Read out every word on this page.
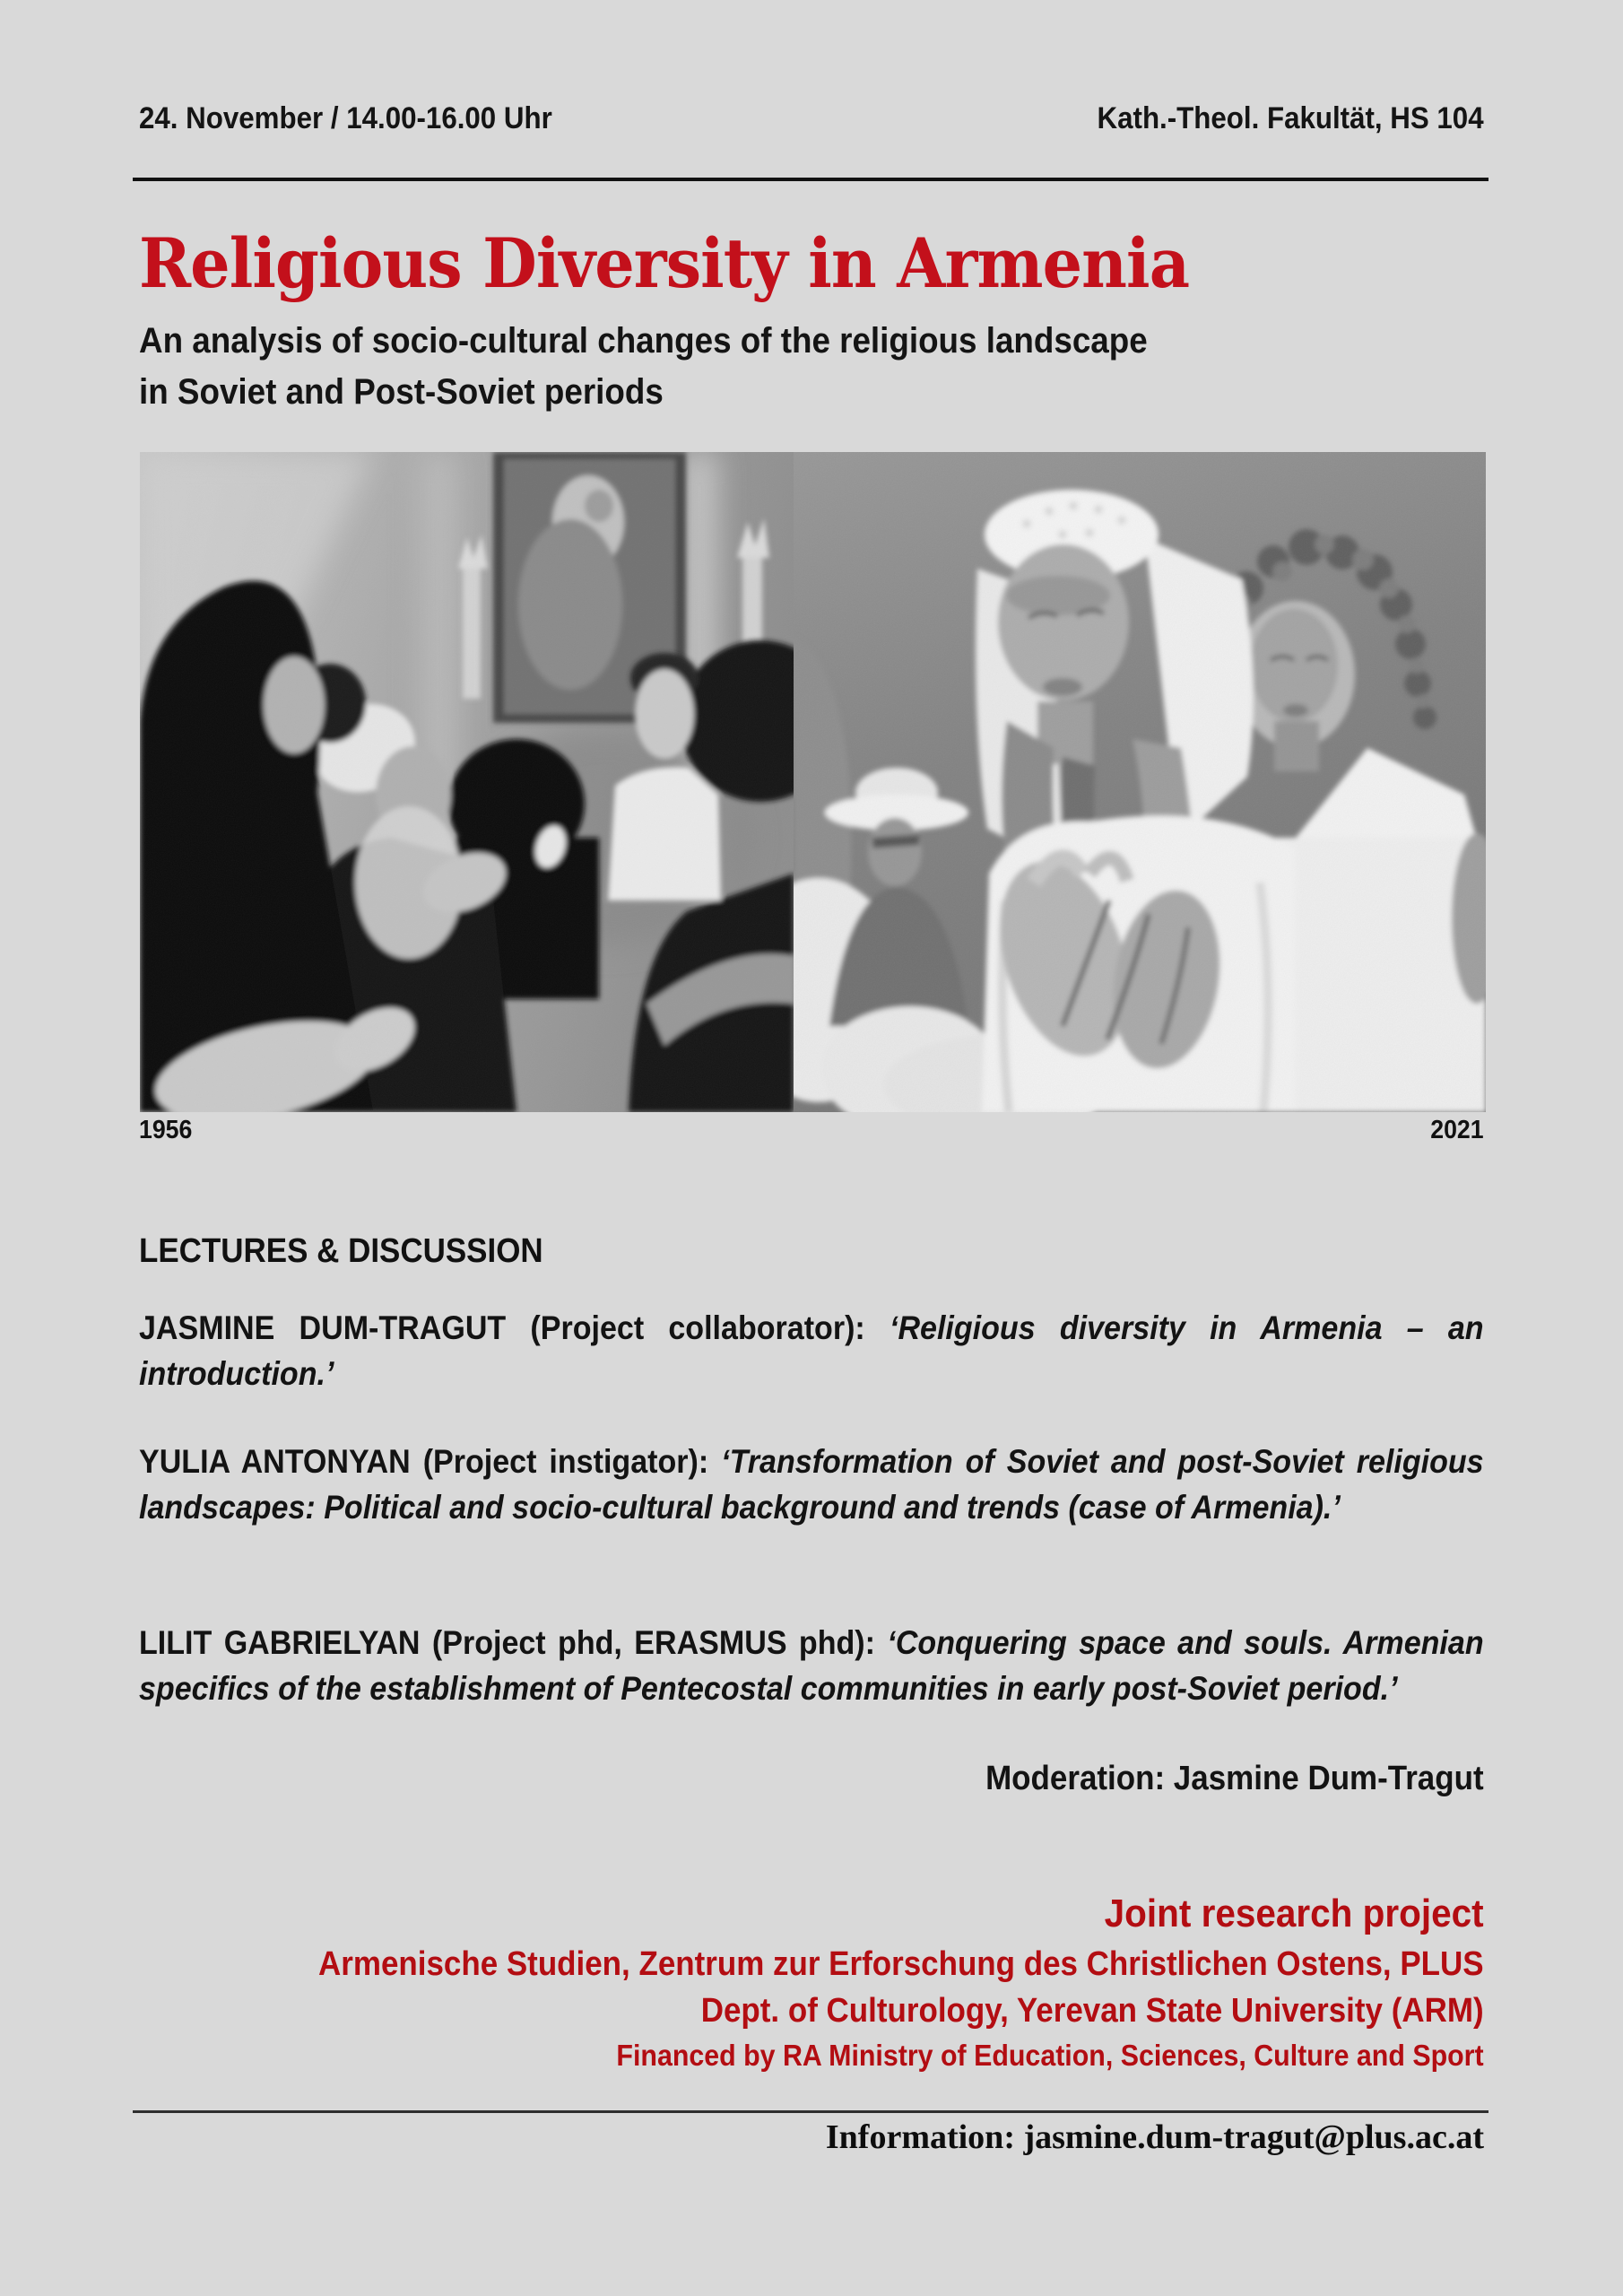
24. November / 14.00-16.00 Uhr	Kath.-Theol. Fakultät, HS 104
Religious Diversity in Armenia
An analysis of socio-cultural changes of the religious landscape
in Soviet and Post-Soviet periods
1956	2021
LECTURES & DISCUSSION
JASMINE DUM-TRAGUT (Project collaborator): ‘Religious diversity in Armenia – an introduction.’
YULIA ANTONYAN (Project instigator): ‘Transformation of Soviet and post-Soviet religious landscapes: Political and socio-cultural background and trends (case of Armenia).’
LILIT GABRIELYAN (Project phd, ERASMUS phd): ‘Conquering space and souls. Armenian specifics of the establishment of Pentecostal communities in early post-Soviet period.’
Moderation: Jasmine Dum-Tragut
Joint research project
Armenische Studien, Zentrum zur Erforschung des Christlichen Ostens, PLUS
Dept. of Culturology, Yerevan State University (ARM)
Financed by RA Ministry of Education, Sciences, Culture and Sport
Information: jasmine.dum-tragut@plus.ac.at
